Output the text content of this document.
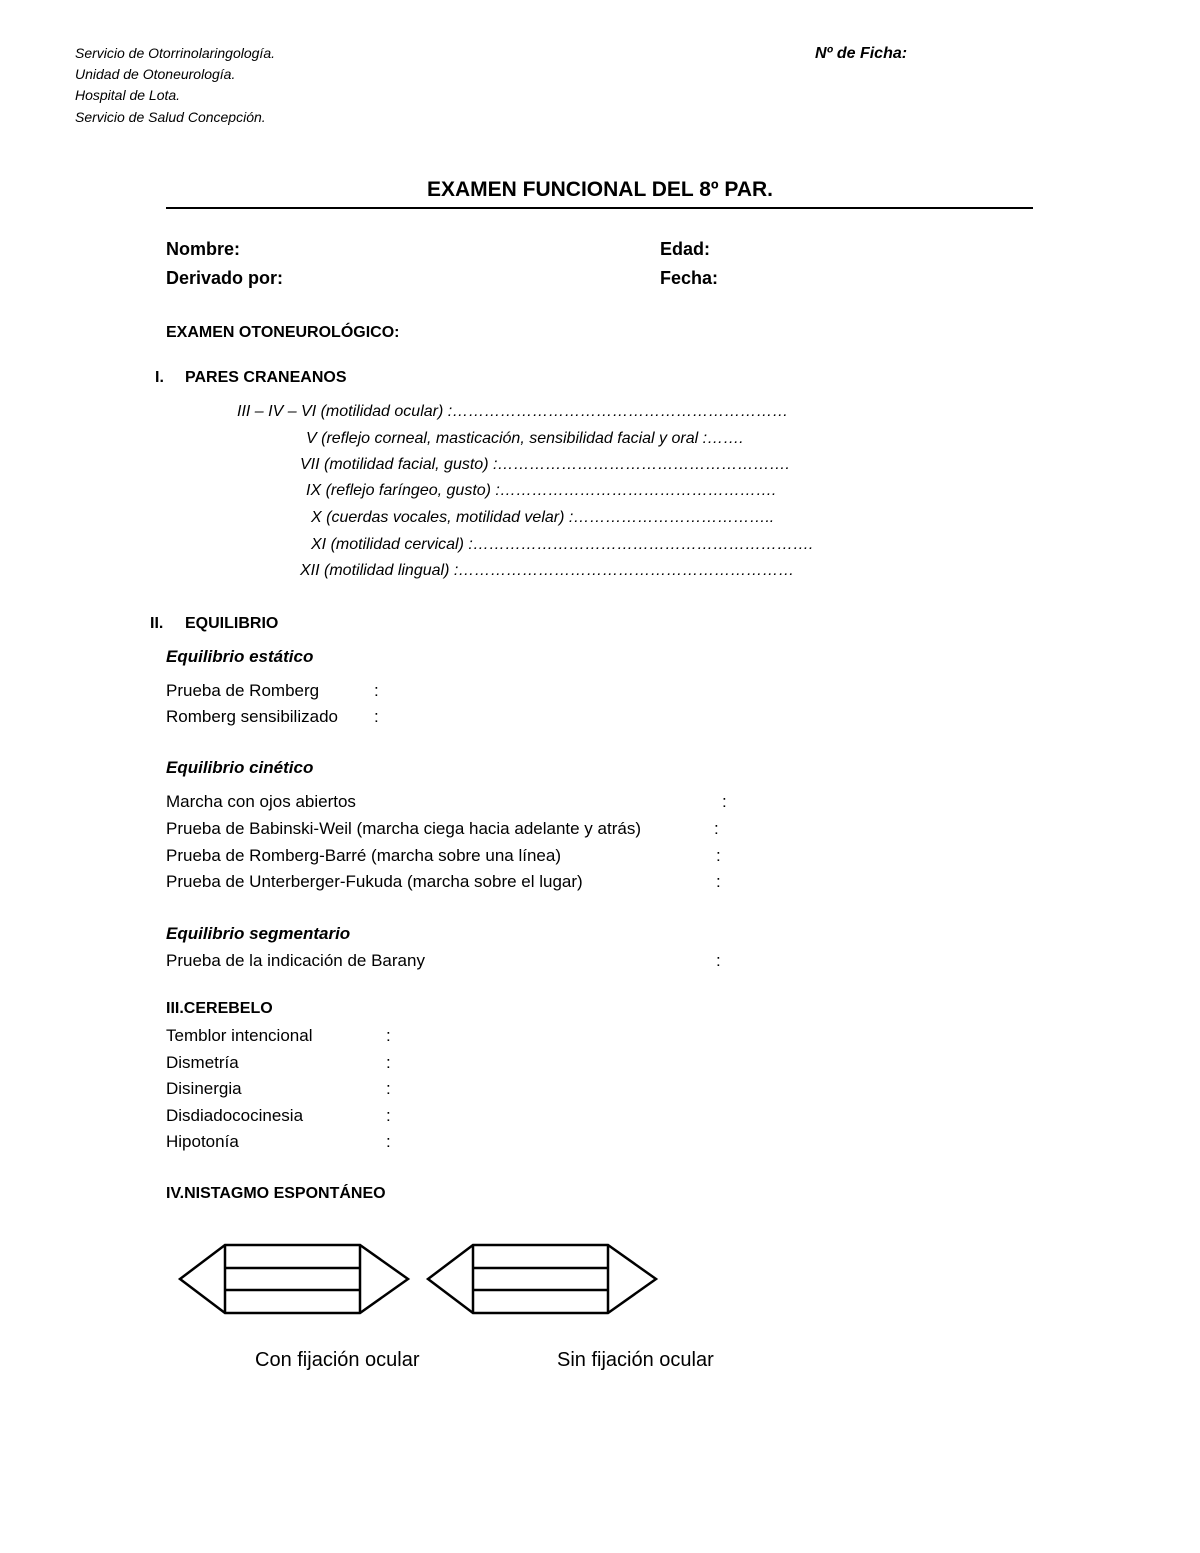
Servicio de Otorrinolaringología.
Unidad de Otoneurología.
Hospital de Lota.
Servicio de Salud Concepción.
Nº de Ficha:
EXAMEN FUNCIONAL DEL 8º PAR.
Nombre:	Edad:
Derivado por:	Fecha:
EXAMEN OTONEUROLÓGICO:
I. PARES CRANEANOS
III – IV – VI (motilidad ocular) :………………………………………………………
V (reflejo corneal, masticación, sensibilidad facial y oral :…….
VII (motilidad facial, gusto) :……………………………………………….
IX (reflejo faríngeo, gusto) :…………………………………………….
X (cuerdas vocales, motilidad velar) :………………………………..
XI (motilidad cervical) :……………………………………………………….
XII (motilidad lingual) :………………………………………………………
II. EQUILIBRIO
Equilibrio estático
Prueba de Romberg	:
Romberg sensibilizado :
Equilibrio cinético
Marcha con ojos abiertos	:
Prueba de Babinski-Weil (marcha ciega hacia adelante y atrás)	:
Prueba de Romberg-Barré (marcha sobre una línea)	:
Prueba de Unterberger-Fukuda (marcha sobre el lugar)	:
Equilibrio segmentario
Prueba de la indicación de Barany	:
III.CEREBELO
Temblor intencional	:
Dismetría	:
Disinergia	:
Disdiadococinesia	:
Hipotonía	:
IV.NISTAGMO ESPONTÁNEO
Con fijación ocular	Sin fijación ocular
